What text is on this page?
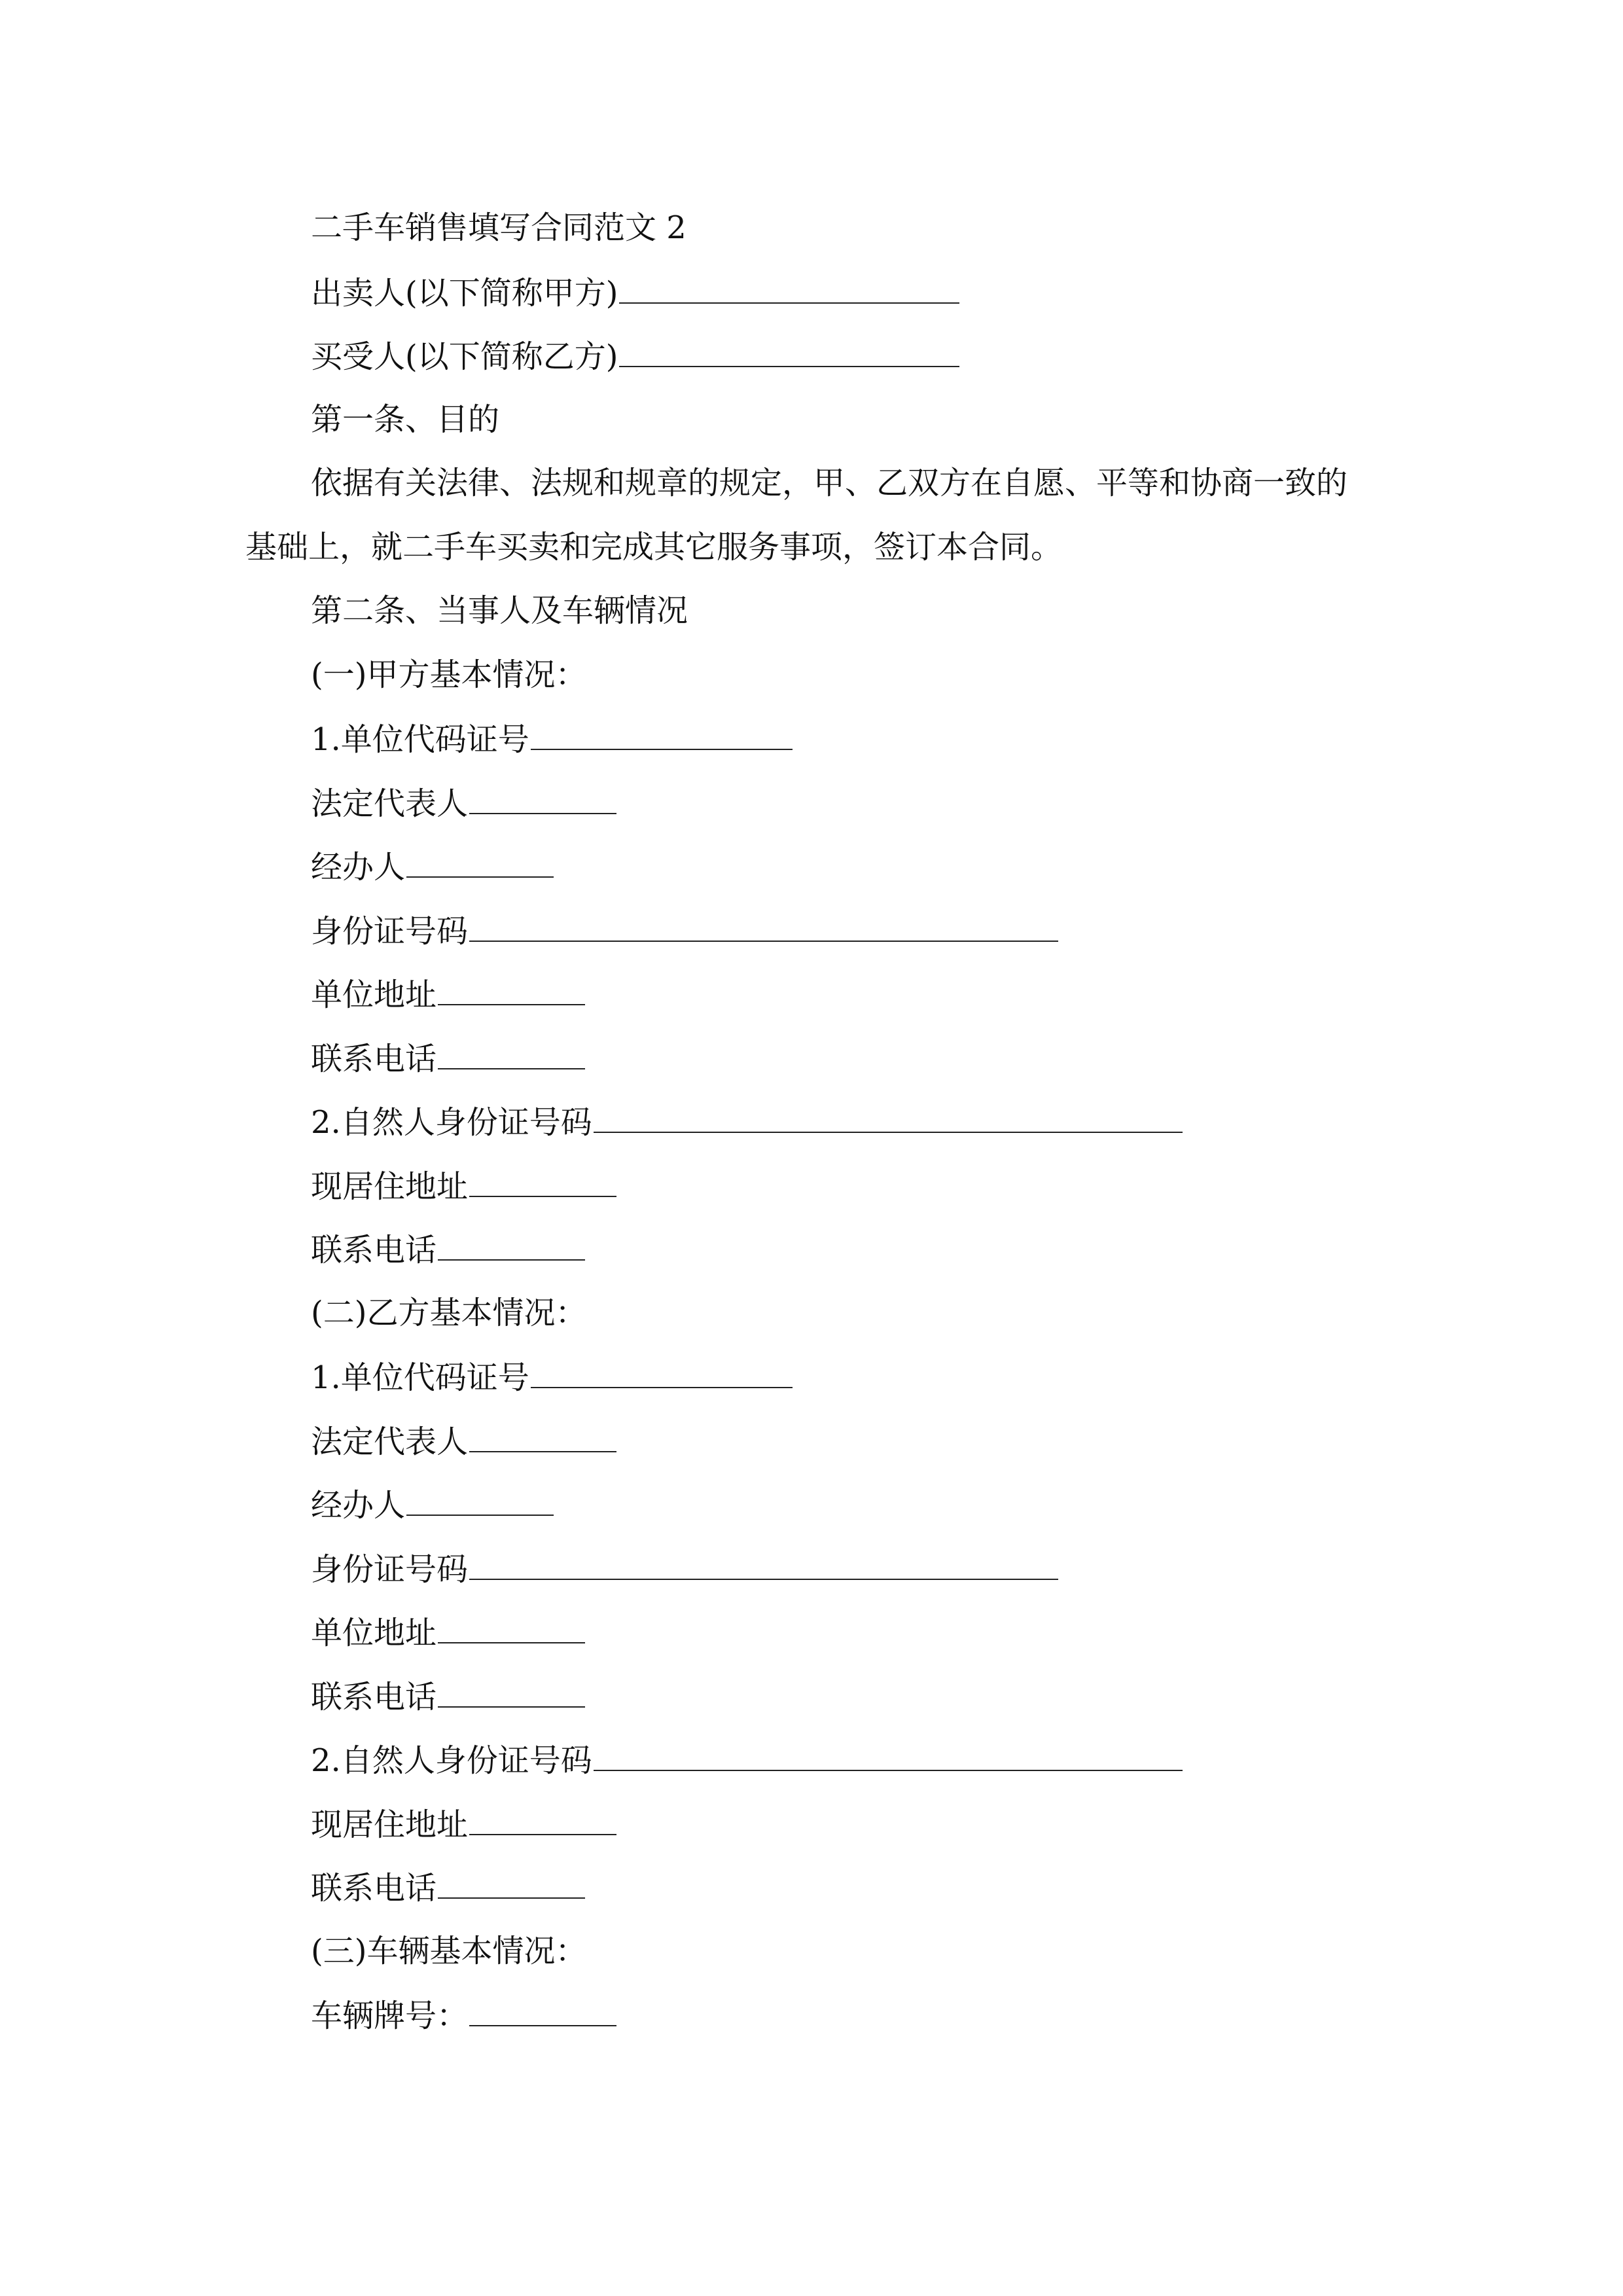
二手车销售填写合同范文 2
出卖人(以下简称甲方)
买受人(以下简称乙方)
第一条、目的
依据有关法律、法规和规章的规定，甲、乙双方在自愿、平等和协商一致的
基础上，就二手车买卖和完成其它服务事项，签订本合同。
第二条、当事人及车辆情况
(一)甲方基本情况：
1.单位代码证号
法定代表人
经办人
身份证号码
单位地址
联系电话
2.自然人身份证号码
现居住地址
联系电话
(二)乙方基本情况：
1.单位代码证号
法定代表人
经办人
身份证号码
单位地址
联系电话
2.自然人身份证号码
现居住地址
联系电话
(三)车辆基本情况：
车辆牌号：
